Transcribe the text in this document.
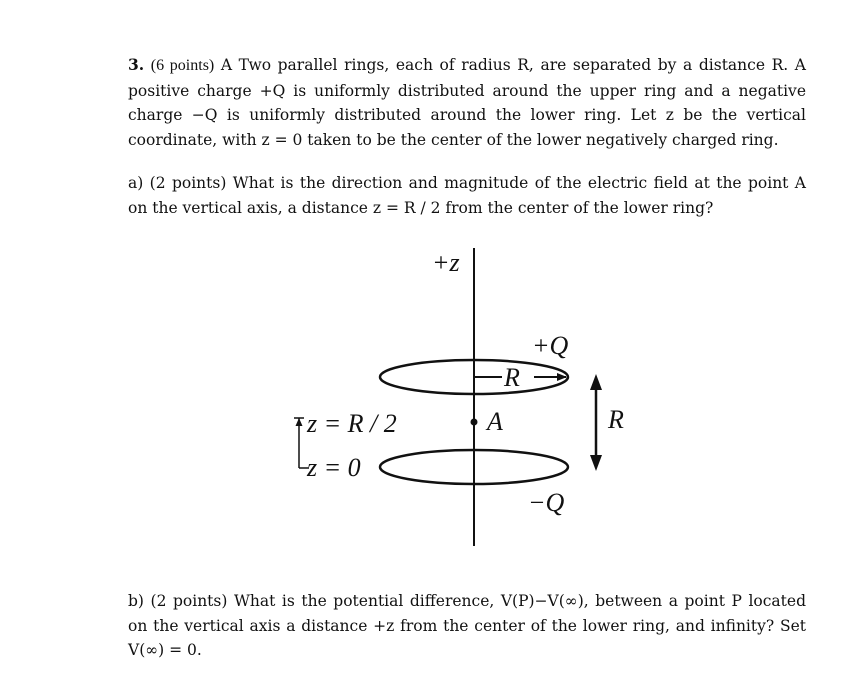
3. (6 points) A Two parallel rings, each of radius R, are separated by a distance R. A positive charge +Q is uniformly distributed around the upper ring and a negative charge −Q is uniformly distributed around the lower ring. Let z be the vertical coordinate, with z = 0 taken to be the center of the lower negatively charged ring.

a) (2 points) What is the direction and magnitude of the electric field at the point A on the vertical axis, a distance z = R / 2 from the center of the lower ring?

+z
+Q
R
A	R
z = R / 2
z = 0
−Q

b) (2 points) What is the potential difference, V(P)−V(∞), between a point P located on the vertical axis a distance +z from the center of the lower ring, and infinity? Set V(∞) = 0.
